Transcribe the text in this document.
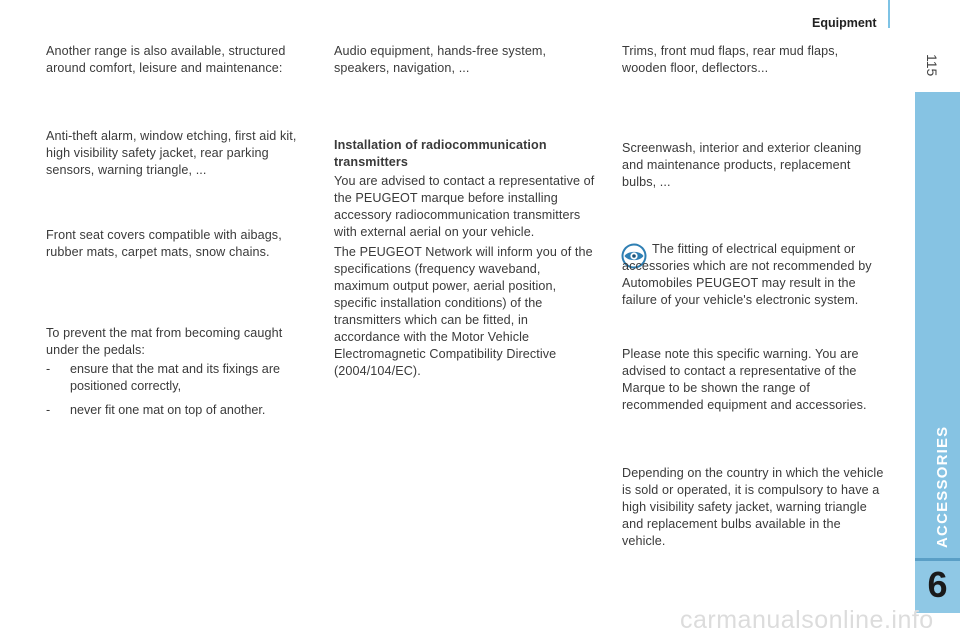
Equipment
115
ACCESSORIES
6

Another range is also available, structured around comfort, leisure and maintenance:

Anti-theft alarm, window etching, first aid kit, high visibility safety jacket, rear parking sensors, warning triangle, ...

Front seat covers compatible with aibags, rubber mats, carpet mats, snow chains.

To prevent the mat from becoming caught under the pedals:

- ensure that the mat and its fixings are positioned correctly,
- never fit one mat on top of another.

Audio equipment, hands-free system, speakers, navigation, ...

Installation of radiocommunication transmitters

You are advised to contact a representative of the PEUGEOT marque before installing accessory radiocommunication transmitters with external aerial on your vehicle.

The PEUGEOT Network will inform you of the specifications (frequency waveband, maximum output power, aerial position, specific installation conditions) of the transmitters which can be fitted, in accordance with the Motor Vehicle Electromagnetic Compatibility Directive (2004/104/EC).

Trims, front mud flaps, rear mud flaps, wooden floor, deflectors...

Screenwash, interior and exterior cleaning and maintenance products, replacement bulbs, ...

The fitting of electrical equipment or accessories which are not recommended by Automobiles PEUGEOT may result in the failure of your vehicle's electronic system.

Please note this specific warning. You are advised to contact a representative of the Marque to be shown the range of recommended equipment and accessories.

Depending on the country in which the vehicle is sold or operated, it is compulsory to have a high visibility safety jacket, warning triangle and replacement bulbs available in the vehicle.

carmanualsonline.info
